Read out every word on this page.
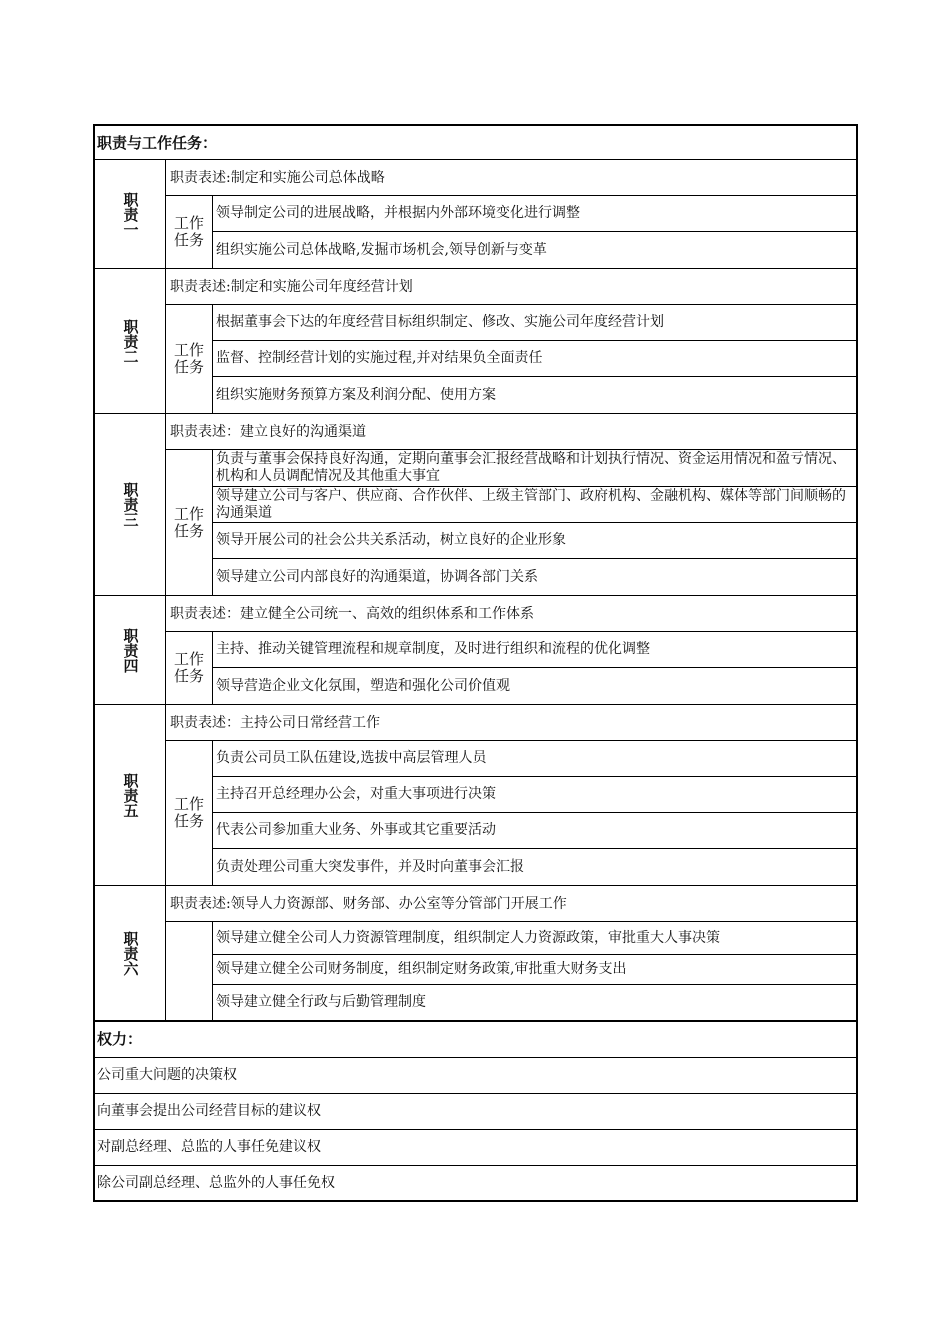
职责与工作任务：
职责一
职责表述:制定和实施公司总体战略
工作任务
领导制定公司的进展战略，并根据内外部环境变化进行调整
组织实施公司总体战略,发掘市场机会,领导创新与变革
职责二
职责表述:制定和实施公司年度经营计划
工作任务
根据董事会下达的年度经营目标组织制定、修改、实施公司年度经营计划
监督、控制经营计划的实施过程,并对结果负全面责任
组织实施财务预算方案及利润分配、使用方案
职责三
职责表述：建立良好的沟通渠道
工作任务
负责与董事会保持良好沟通，定期向董事会汇报经营战略和计划执行情况、资金运用情况和盈亏情况、机构和人员调配情况及其他重大事宜
领导建立公司与客户、供应商、合作伙伴、上级主管部门、政府机构、金融机构、媒体等部门间顺畅的沟通渠道
领导开展公司的社会公共关系活动，树立良好的企业形象
领导建立公司内部良好的沟通渠道，协调各部门关系
职责四
职责表述：建立健全公司统一、高效的组织体系和工作体系
工作任务
主持、推动关键管理流程和规章制度，及时进行组织和流程的优化调整
领导营造企业文化氛围，塑造和强化公司价值观
职责五
职责表述：主持公司日常经营工作
工作任务
负责公司员工队伍建设,选拔中高层管理人员
主持召开总经理办公会，对重大事项进行决策
代表公司参加重大业务、外事或其它重要活动
负责处理公司重大突发事件，并及时向董事会汇报
职责六
职责表述:领导人力资源部、财务部、办公室等分管部门开展工作
领导建立健全公司人力资源管理制度，组织制定人力资源政策，审批重大人事决策
领导建立健全公司财务制度，组织制定财务政策,审批重大财务支出
领导建立健全行政与后勤管理制度
权力：
公司重大问题的决策权
向董事会提出公司经营目标的建议权
对副总经理、总监的人事任免建议权
除公司副总经理、总监外的人事任免权
